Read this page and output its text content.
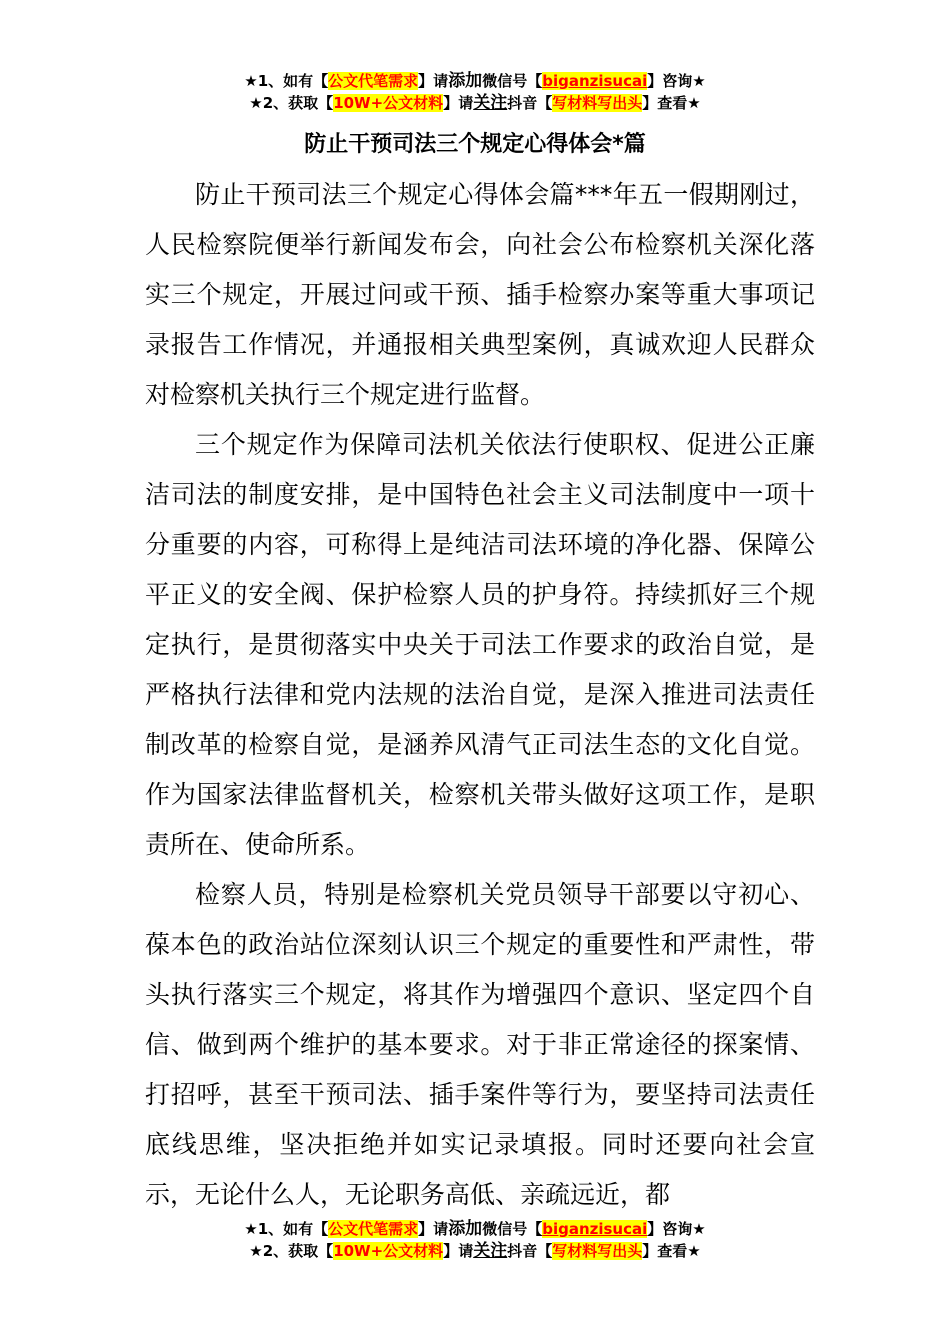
★1、如有【公文代笔需求】请添加微信号【biganzisucai】咨询★
★2、获取【10W+公文材料】请关注抖音【写材料写出头】查看★
防止干预司法三个规定心得体会*篇

防止干预司法三个规定心得体会篇***年五一假期刚过，人民检察院便举行新闻发布会，向社会公布检察机关深化落实三个规定，开展过问或干预、插手检察办案等重大事项记录报告工作情况，并通报相关典型案例，真诚欢迎人民群众对检察机关执行三个规定进行监督。

三个规定作为保障司法机关依法行使职权、促进公正廉洁司法的制度安排，是中国特色社会主义司法制度中一项十分重要的内容，可称得上是纯洁司法环境的净化器、保障公平正义的安全阀、保护检察人员的护身符。持续抓好三个规定执行，是贯彻落实中央关于司法工作要求的政治自觉，是严格执行法律和党内法规的法治自觉，是深入推进司法责任制改革的检察自觉，是涵养风清气正司法生态的文化自觉。作为国家法律监督机关，检察机关带头做好这项工作，是职责所在、使命所系。

检察人员，特别是检察机关党员领导干部要以守初心、葆本色的政治站位深刻认识三个规定的重要性和严肃性，带头执行落实三个规定，将其作为增强四个意识、坚定四个自信、做到两个维护的基本要求。对于非正常途径的探案情、打招呼，甚至干预司法、插手案件等行为，要坚持司法责任底线思维，坚决拒绝并如实记录填报。同时还要向社会宣示，无论什么人，无论职务高低、亲疏远近，都

★1、如有【公文代笔需求】请添加微信号【biganzisucai】咨询★
★2、获取【10W+公文材料】请关注抖音【写材料写出头】查看★
